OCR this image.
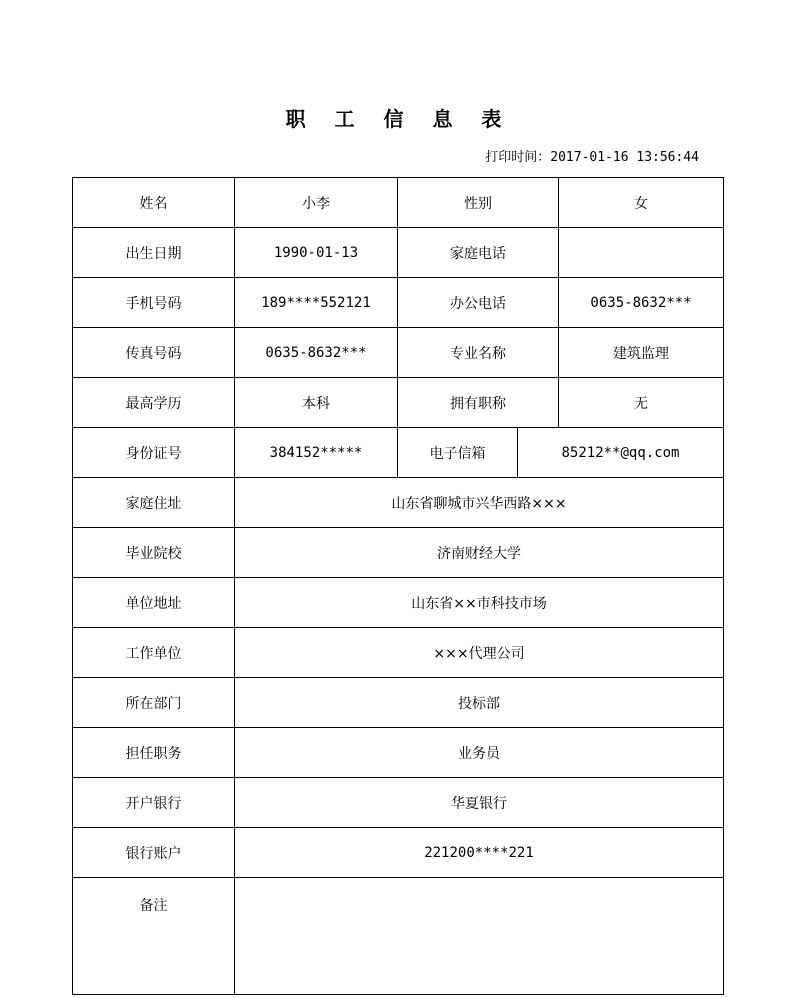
职 工 信 息 表
打印时间：2017-01-16 13:56:44
姓名	小李	性别		女
出生日期	1990-01-13	家庭电话		
手机号码	189****552121	办公电话		0635-8632***
传真号码	0635-8632***	专业名称		建筑监理
最高学历	本科	拥有职称		无
身份证号	384152*****	电子信箱	85212**@qq.com	
家庭住址	山东省聊城市兴华西路×××			
毕业院校	济南财经大学			
单位地址	山东省××市科技市场			
工作单位	×××代理公司			
所在部门	投标部			
担任职务	业务员			
开户银行	华夏银行			
银行账户	221200****221			
备注				
